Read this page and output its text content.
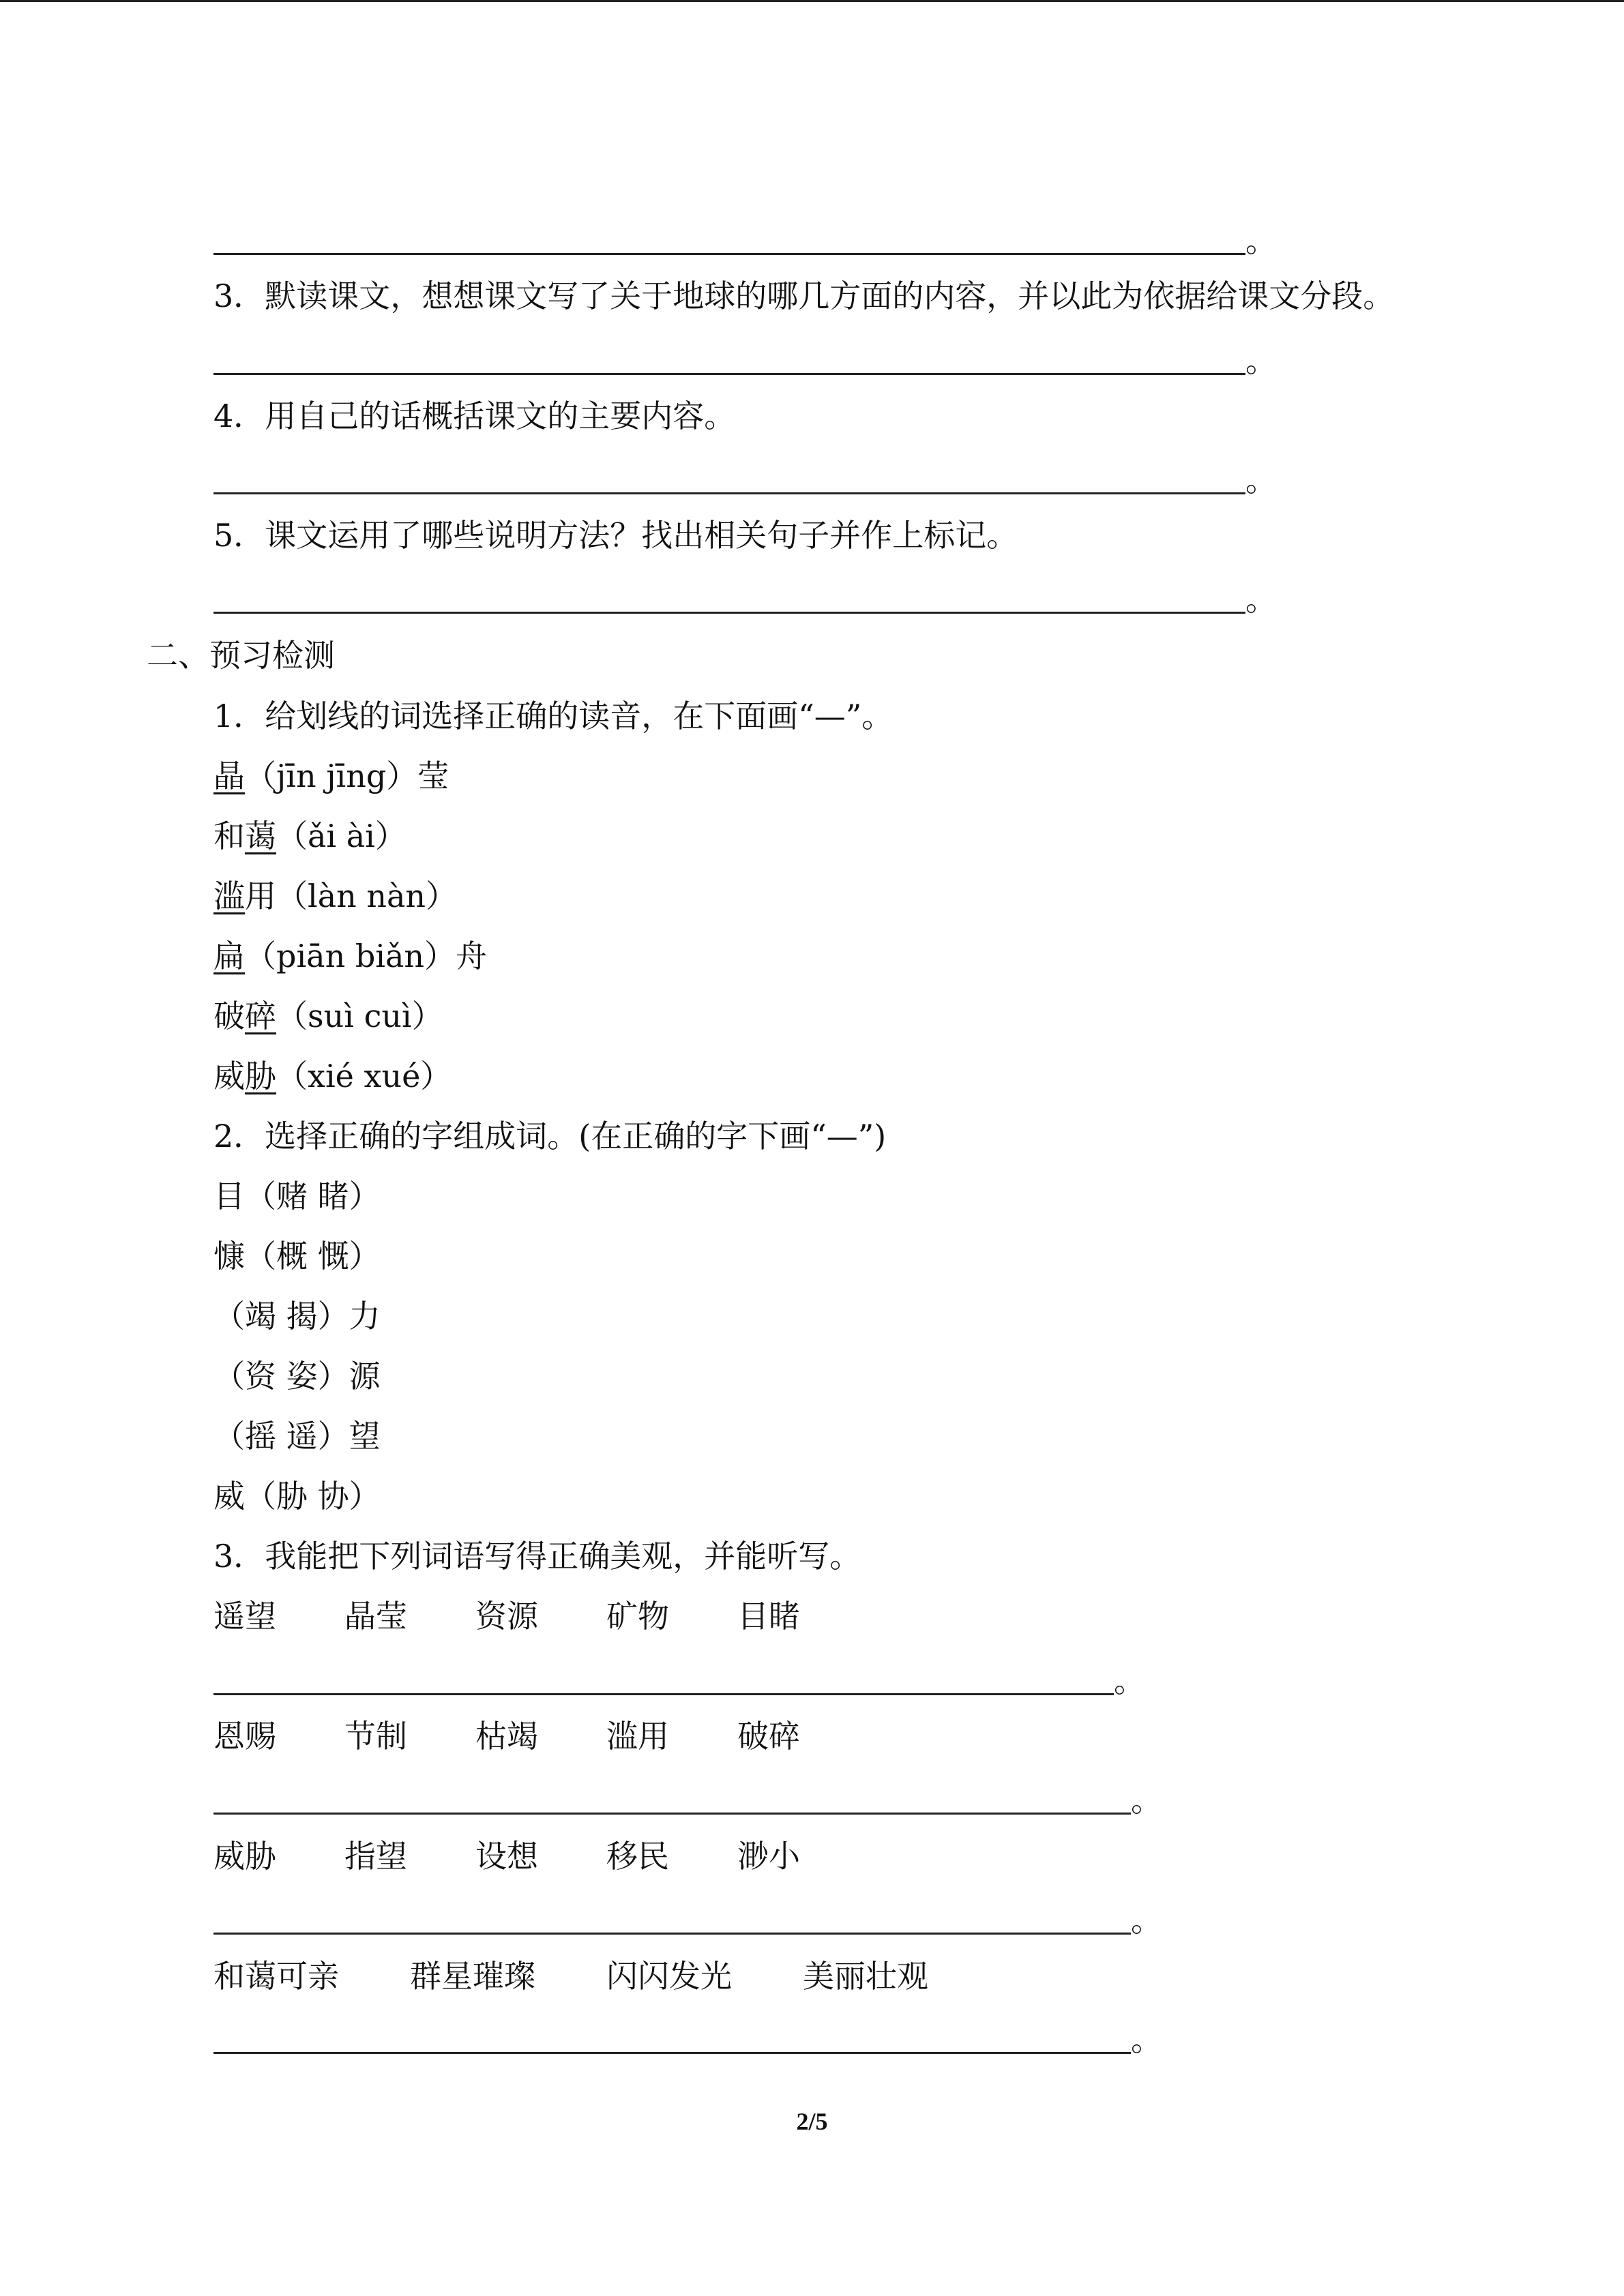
。
3．默读课文，想想课文写了关于地球的哪几方面的内容，并以此为依据给课文分段。
。
4．用自己的话概括课文的主要内容。
。
5．课文运用了哪些说明方法？找出相关句子并作上标记。
。
二、预习检测
1．给划线的词选择正确的读音，在下面画“—”。
晶（jīn jīng）莹
和蔼（ǎi ài）
滥用（làn nàn）
扁（piān biǎn）舟
破碎（suì cuì）
威胁（xié xué）
2．选择正确的字组成词。(在正确的字下画“—”)
目（赌 睹）
慷（概 慨）
（竭 揭）力
（资 姿）源
（摇 遥）望
威（胁 协）
3．我能把下列词语写得正确美观，并能听写。
遥望 晶莹 资源 矿物 目睹
。
恩赐 节制 枯竭 滥用 破碎
。
威胁 指望 设想 移民 渺小
。
和蔼可亲 群星璀璨 闪闪发光 美丽壮观
。
2/5
